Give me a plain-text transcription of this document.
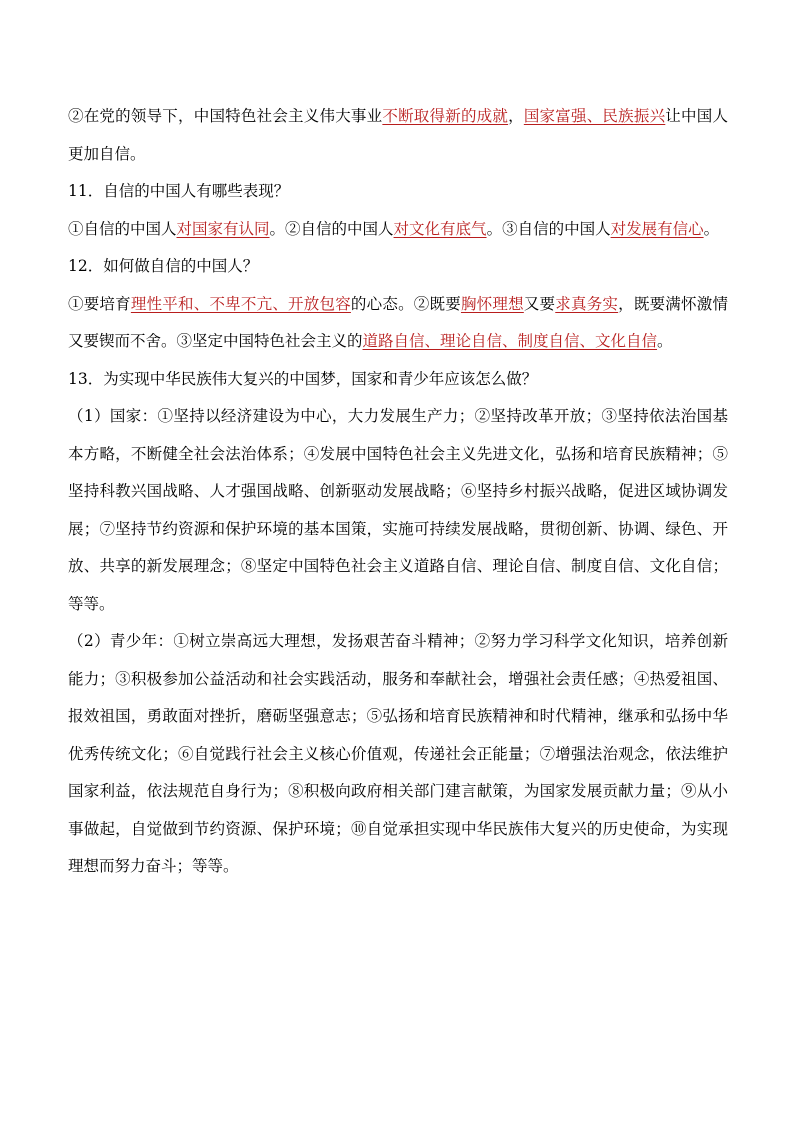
②在党的领导下，中国特色社会主义伟大事业不断取得新的成就，国家富强、民族振兴让中国人更加自信。

11．自信的中国人有哪些表现？

①自信的中国人对国家有认同。②自信的中国人对文化有底气。③自信的中国人对发展有信心。

12．如何做自信的中国人？

①要培育理性平和、不卑不亢、开放包容的心态。②既要胸怀理想又要求真务实，既要满怀激情又要锲而不舍。③坚定中国特色社会主义的道路自信、理论自信、制度自信、文化自信。

13．为实现中华民族伟大复兴的中国梦，国家和青少年应该怎么做？

（1）国家：①坚持以经济建设为中心，大力发展生产力；②坚持改革开放；③坚持依法治国基本方略，不断健全社会法治体系；④发展中国特色社会主义先进文化，弘扬和培育民族精神；⑤坚持科教兴国战略、人才强国战略、创新驱动发展战略；⑥坚持乡村振兴战略，促进区域协调发展；⑦坚持节约资源和保护环境的基本国策，实施可持续发展战略，贯彻创新、协调、绿色、开放、共享的新发展理念；⑧坚定中国特色社会主义道路自信、理论自信、制度自信、文化自信；等等。

（2）青少年：①树立崇高远大理想，发扬艰苦奋斗精神；②努力学习科学文化知识，培养创新能力；③积极参加公益活动和社会实践活动，服务和奉献社会，增强社会责任感；④热爱祖国、报效祖国，勇敢面对挫折，磨砺坚强意志；⑤弘扬和培育民族精神和时代精神，继承和弘扬中华优秀传统文化；⑥自觉践行社会主义核心价值观，传递社会正能量；⑦增强法治观念，依法维护国家利益，依法规范自身行为；⑧积极向政府相关部门建言献策，为国家发展贡献力量；⑨从小事做起，自觉做到节约资源、保护环境；⑩自觉承担实现中华民族伟大复兴的历史使命，为实现理想而努力奋斗；等等。
